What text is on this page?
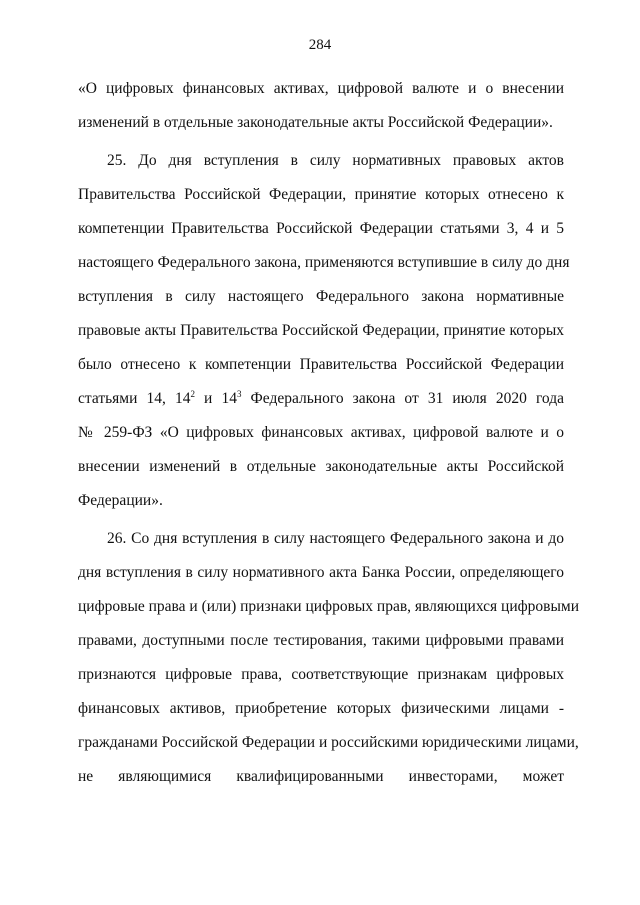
284
«О цифровых финансовых активах, цифровой валюте и о внесении
изменений в отдельные законодательные акты Российской Федерации».
25. До дня вступления в силу нормативных правовых актов
Правительства Российской Федерации, принятие которых отнесено к
компетенции Правительства Российской Федерации статьями 3, 4 и 5
настоящего Федерального закона, применяются вступившие в силу до дня
вступления в силу настоящего Федерального закона нормативные
правовые акты Правительства Российской Федерации, принятие которых
было отнесено к компетенции Правительства Российской Федерации
статьями 14, $14^2$ и $14^3$ Федерального закона от 31 июля 2020 года
№ 259-ФЗ «О цифровых финансовых активах, цифровой валюте и о
внесении изменений в отдельные законодательные акты Российской
Федерации».
26. Со дня вступления в силу настоящего Федерального закона и до
дня вступления в силу нормативного акта Банка России, определяющего
цифровые права и (или) признаки цифровых прав, являющихся цифровыми
правами, доступными после тестирования, такими цифровыми правами
признаются цифровые права, соответствующие признакам цифровых
финансовых активов, приобретение которых физическими лицами -
гражданами Российской Федерации и российскими юридическими лицами,
не являющимися квалифицированными инвесторами, может
